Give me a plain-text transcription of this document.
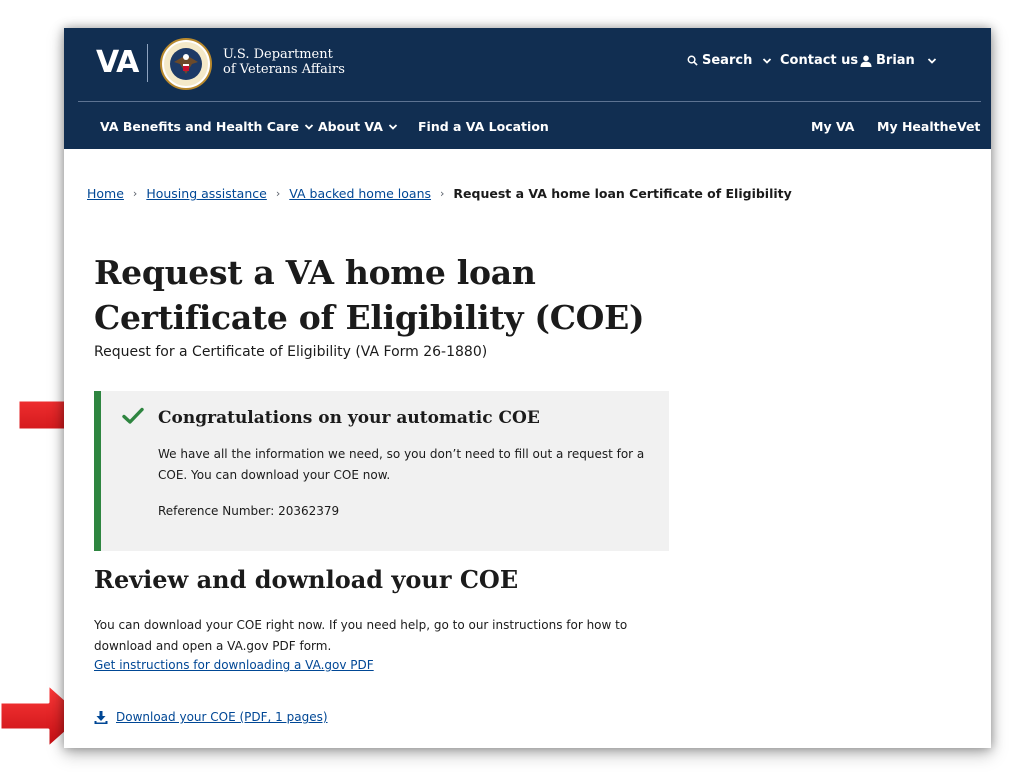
VA	U.S. Department
of Veterans Affairs
Search Contact us Brian
VA Benefits and Health Care About VA	Find a VA Location	My VA My HealtheVet
Home › Housing assistance › VA backed home loans › Request a VA home loan Certificate of Eligibility
Request a VA home loan
Certificate of Eligibility (COE)
Request for a Certificate of Eligibility (VA Form 26-1880)
Congratulations on your automatic COE
We have all the information we need, so you don’t need to fill out a request for a COE. You can download your COE now.
Reference Number: 20362379
Review and download your COE
You can download your COE right now. If you need help, go to our instructions for how to download and open a VA.gov PDF form.
Get instructions for downloading a VA.gov PDF
Download your COE (PDF, 1 pages)
